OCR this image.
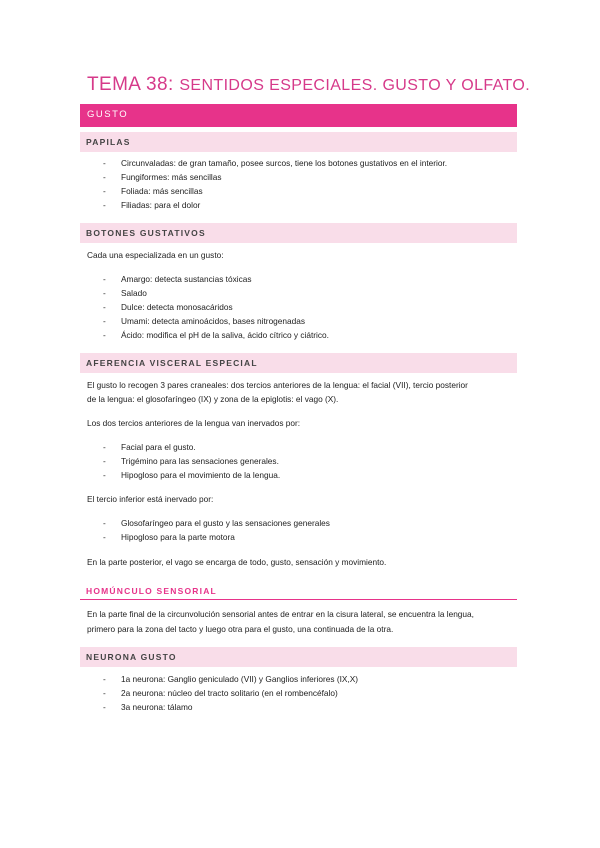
TEMA 38: SENTIDOS ESPECIALES. GUSTO Y OLFATO.
GUSTO
PAPILAS
- Circunvaladas: de gran tamaño, posee surcos, tiene los botones gustativos en el interior.
- Fungiformes: más sencillas
- Foliada: más sencillas
- Filiadas: para el dolor
BOTONES GUSTATIVOS
Cada una especializada en un gusto:
- Amargo: detecta sustancias tóxicas
- Salado
- Dulce: detecta monosacáridos
- Umami: detecta aminoácidos, bases nitrogenadas
- Ácido: modifica el pH de la saliva, ácido cítrico y ciátrico.
AFERENCIA VISCERAL ESPECIAL
El gusto lo recogen 3 pares craneales: dos tercios anteriores de la lengua: el facial (VII), tercio posterior
de la lengua: el glosofaríngeo (IX) y zona de la epiglotis: el vago (X).
Los dos tercios anteriores de la lengua van inervados por:
- Facial para el gusto.
- Trigémino para las sensaciones generales.
- Hipogloso para el movimiento de la lengua.
El tercio inferior está inervado por:
- Glosofaríngeo para el gusto y las sensaciones generales
- Hipogloso para la parte motora
En la parte posterior, el vago se encarga de todo, gusto, sensación y movimiento.
HOMÚNCULO SENSORIAL
En la parte final de la circunvolución sensorial antes de entrar en la cisura lateral, se encuentra la lengua,
primero para la zona del tacto y luego otra para el gusto, una continuada de la otra.
NEURONA GUSTO
- 1a neurona: Ganglio geniculado (VII) y Ganglios inferiores (IX,X)
- 2a neurona: núcleo del tracto solitario (en el rombencéfalo)
- 3a neurona: tálamo
